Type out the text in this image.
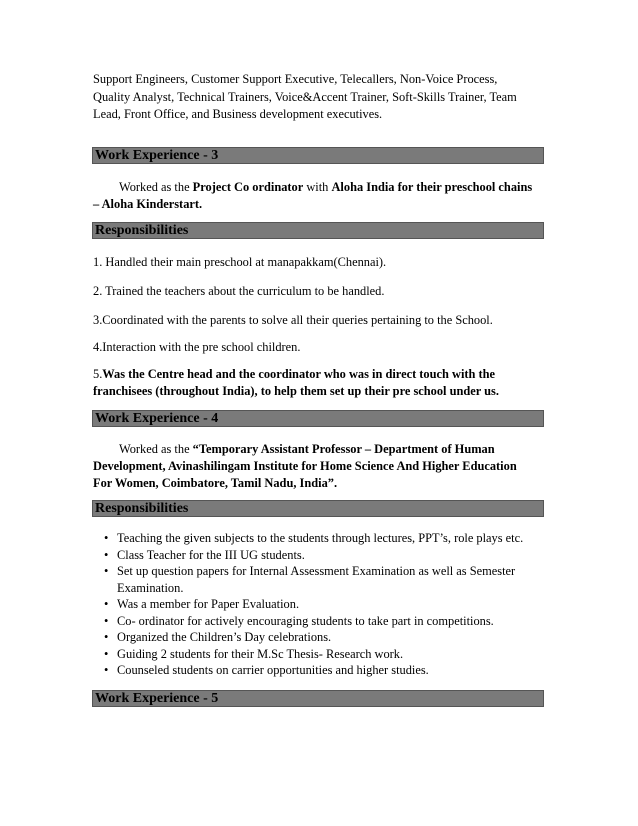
Support Engineers, Customer Support Executive, Telecallers, Non-Voice Process,
Quality Analyst, Technical Trainers, Voice&Accent Trainer, Soft-Skills Trainer, Team
Lead, Front Office, and Business development executives.
Work Experience - 3
Worked as the Project Co ordinator with Aloha India for their preschool chains
– Aloha Kinderstart.
Responsibilities
1. Handled their main preschool at manapakkam(Chennai).
2. Trained the teachers about the curriculum to be handled.
3.Coordinated with the parents to solve all their queries pertaining to the School.
4.Interaction with the pre school children.
5.Was the Centre head and the coordinator who was in direct touch with the
franchisees (throughout India), to help them set up their pre school under us.
Work Experience - 4
Worked as the “Temporary Assistant Professor – Department of Human
Development, Avinashilingam Institute for Home Science And Higher Education
For Women, Coimbatore, Tamil Nadu, India”.
Responsibilities
• Teaching the given subjects to the students through lectures, PPT’s, role plays etc.
• Class Teacher for the III UG students.
• Set up question papers for Internal Assessment Examination as well as Semester Examination.
• Was a member for Paper Evaluation.
• Co- ordinator for actively encouraging students to take part in competitions.
• Organized the Children’s Day celebrations.
• Guiding 2 students for their M.Sc Thesis- Research work.
• Counseled students on carrier opportunities and higher studies.
Work Experience - 5
